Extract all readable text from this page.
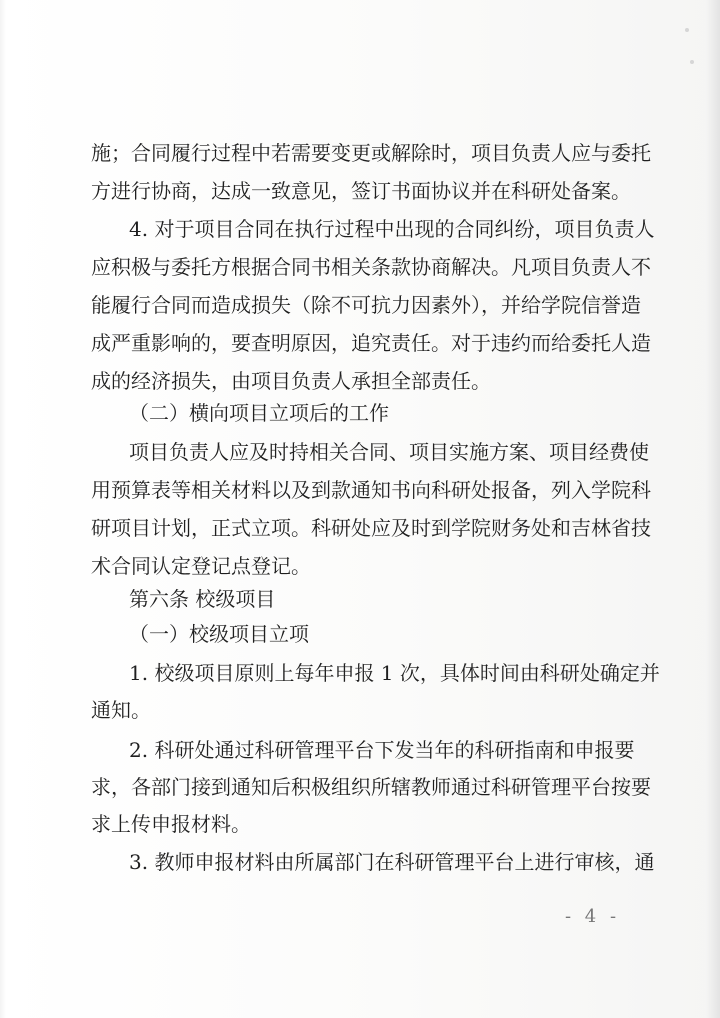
施；合同履行过程中若需要变更或解除时，项目负责人应与委托
方进行协商，达成一致意见，签订书面协议并在科研处备案。
4. 对于项目合同在执行过程中出现的合同纠纷，项目负责人
应积极与委托方根据合同书相关条款协商解决。凡项目负责人不
能履行合同而造成损失（除不可抗力因素外），并给学院信誉造
成严重影响的，要查明原因，追究责任。对于违约而给委托人造
成的经济损失，由项目负责人承担全部责任。
（二）横向项目立项后的工作
项目负责人应及时持相关合同、项目实施方案、项目经费使
用预算表等相关材料以及到款通知书向科研处报备，列入学院科
研项目计划，正式立项。科研处应及时到学院财务处和吉林省技
术合同认定登记点登记。
第六条 校级项目
（一）校级项目立项
1. 校级项目原则上每年申报 1 次，具体时间由科研处确定并
通知。
2. 科研处通过科研管理平台下发当年的科研指南和申报要
求，各部门接到通知后积极组织所辖教师通过科研管理平台按要
求上传申报材料。
3. 教师申报材料由所属部门在科研管理平台上进行审核，通
- 4 -
